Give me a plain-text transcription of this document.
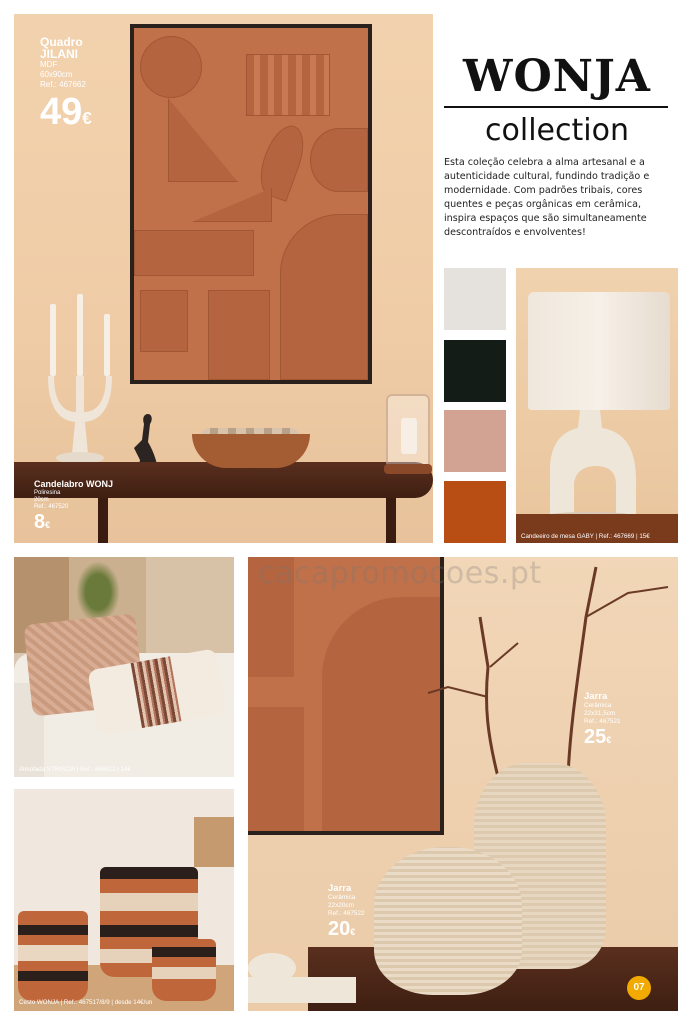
Quadro
JILANI
MDF
60x90cm
Ref.: 467662
49€
Candelabro WONJ
Poliresina
20cm
Ref.: 467520
8€
WONJA
collection
Esta coleção celebra a alma artesanal e a autenticidade cultural, fundindo tradição e modernidade. Com padrões tribais, cores quentes e peças orgânicas em cerâmica, inspira espaços que são simultaneamente descontraídos e envolventes!
Candeeiro de mesa GABY | Ref.: 467669 | 15€
Almofada STRISCIA | Ref.: 468622 | 14€
Cesto WONJA | Ref.: 467517/8/9 | desde 14€/un
Jarra
Cerâmica
22x31,5cm
Ref.: 467521
25€
Jarra
Cerâmica
22x20cm
Ref.: 467522
20€
cacapromocoes.pt
07
